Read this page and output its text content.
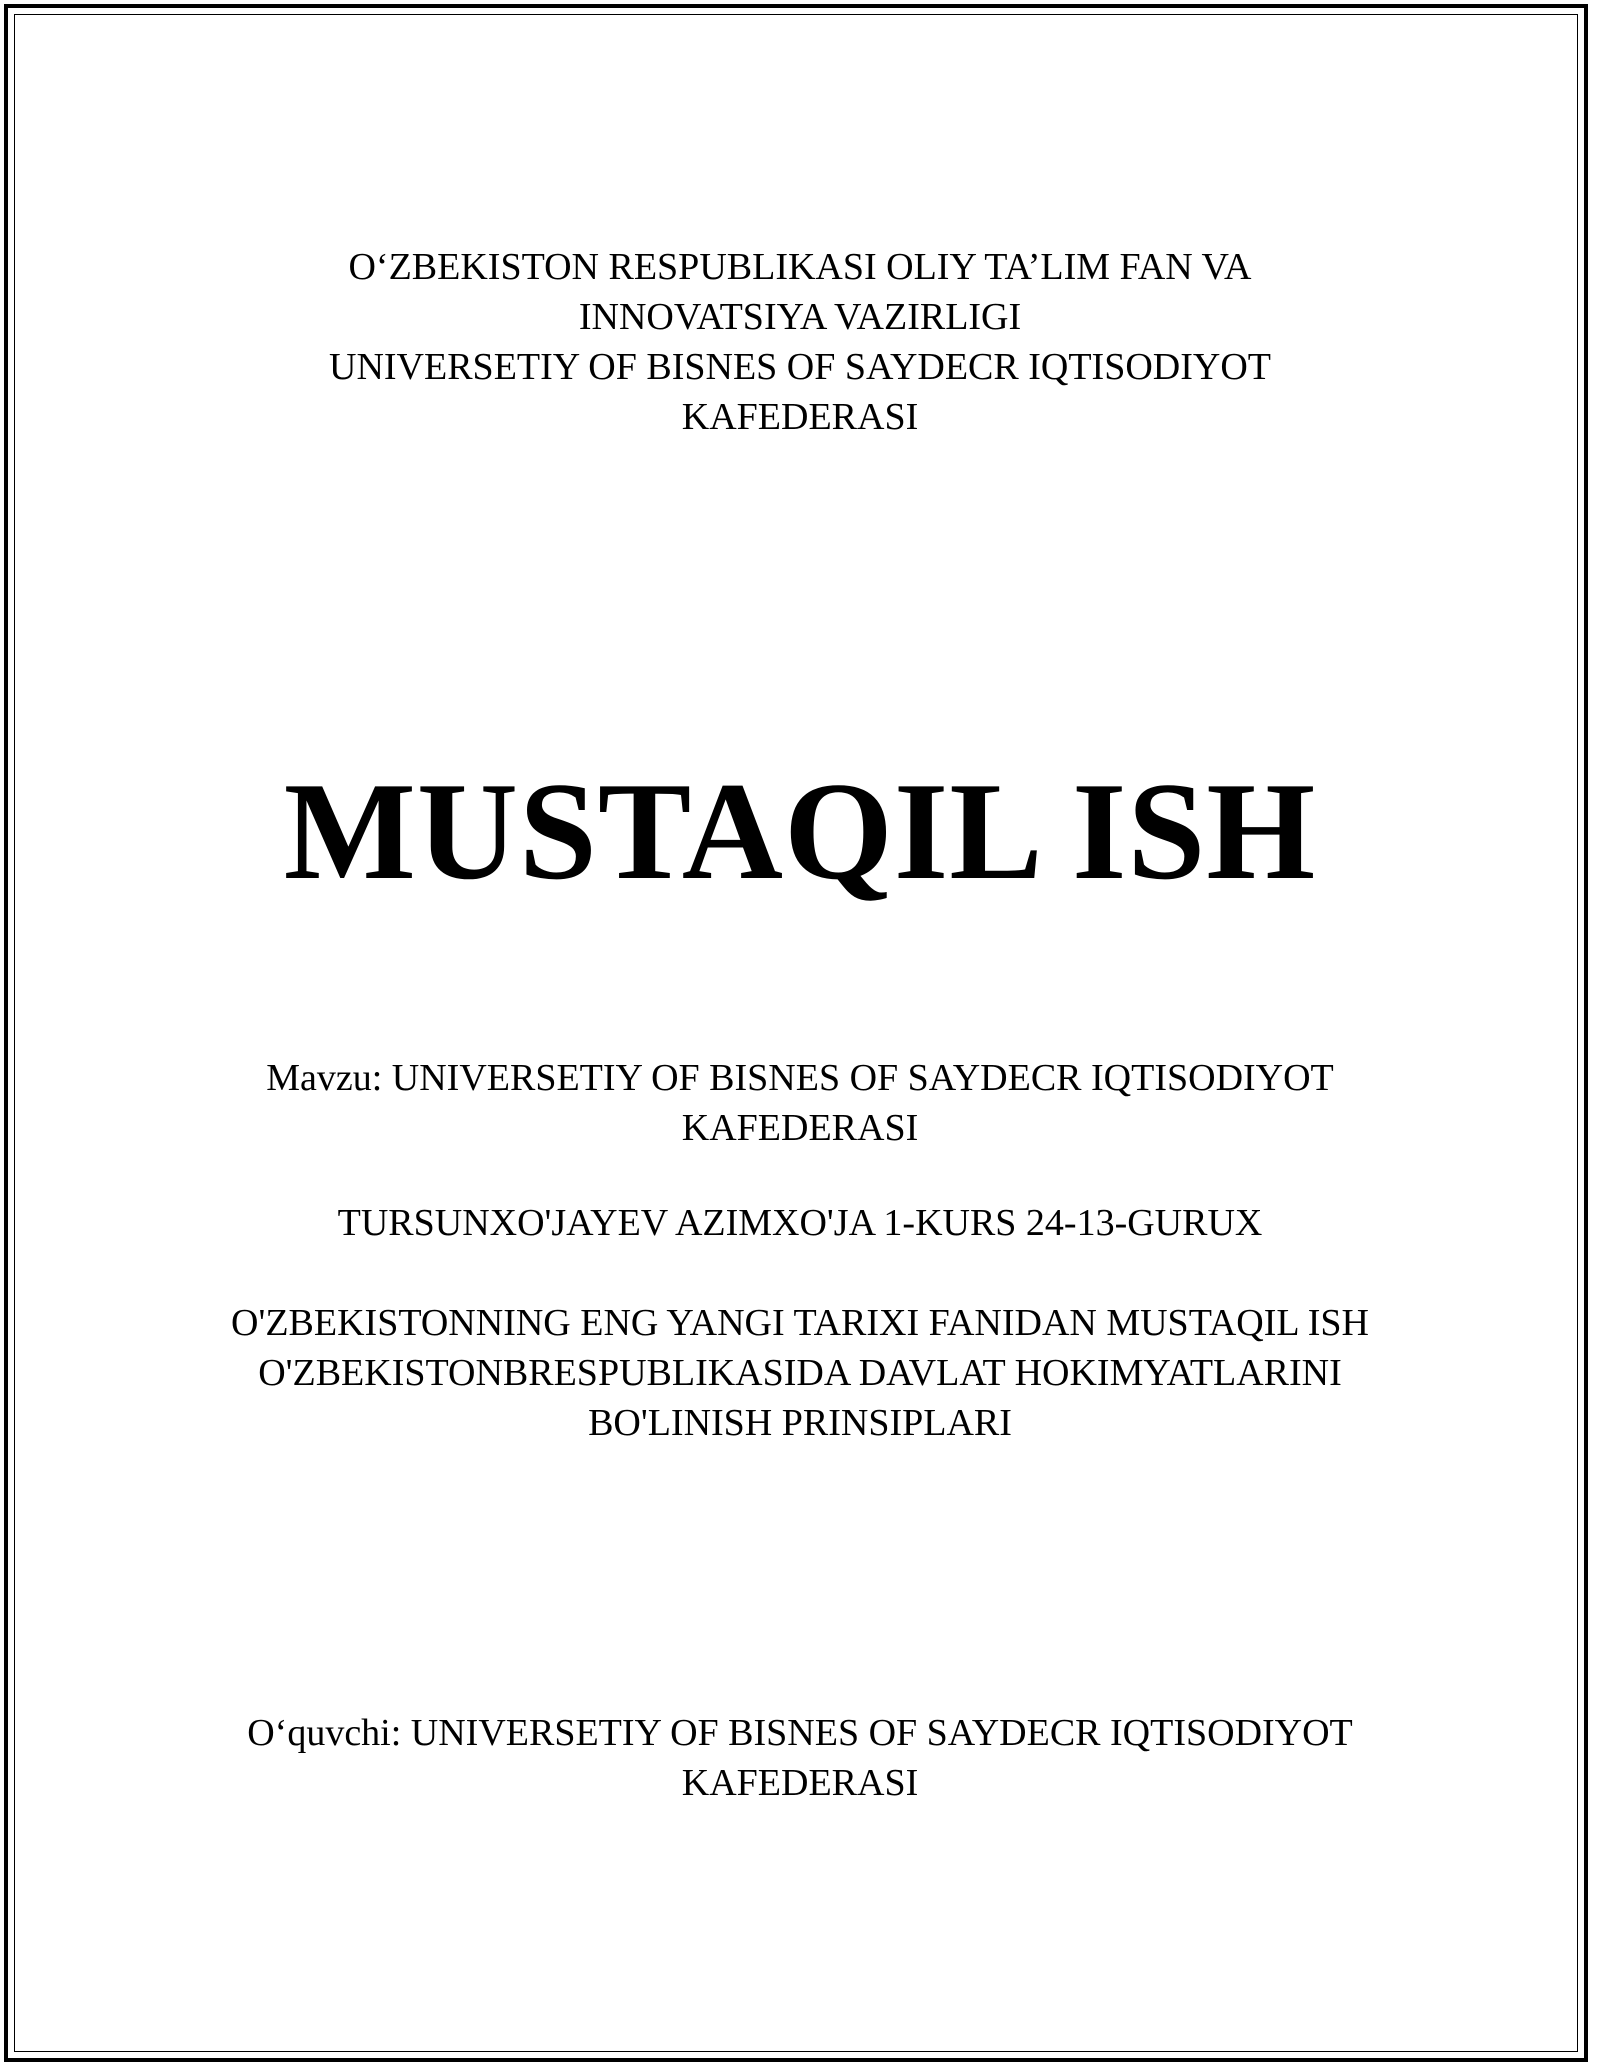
O‘ZBEKISTON RESPUBLIKASI OLIY TA’LIM FAN VA
INNOVATSIYA VAZIRLIGI
UNIVERSETIY OF BISNES OF SAYDECR IQTISODIYOT
KAFEDERASI
MUSTAQIL ISH
Mavzu: UNIVERSETIY OF BISNES OF SAYDECR IQTISODIYOT
KAFEDERASI
TURSUNXO'JAYEV AZIMXO'JA 1-KURS 24-13-GURUX
O'ZBEKISTONNING ENG YANGI TARIXI FANIDAN MUSTAQIL ISH
O'ZBEKISTONBRESPUBLIKASIDA DAVLAT HOKIMYATLARINI
BO'LINISH PRINSIPLARI
O‘quvchi: UNIVERSETIY OF BISNES OF SAYDECR IQTISODIYOT
KAFEDERASI
